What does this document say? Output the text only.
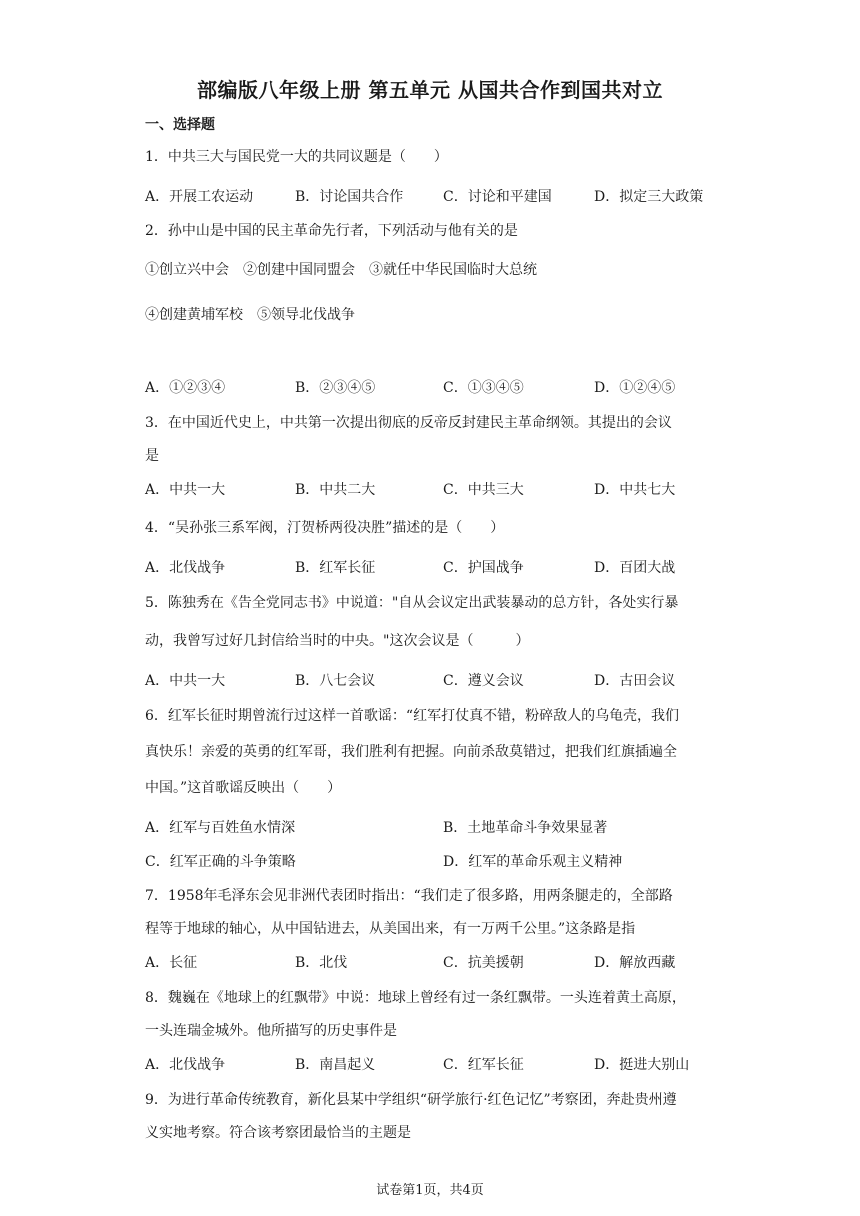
部编版八年级上册 第五单元 从国共合作到国共对立
一、选择题
1．中共三大与国民党一大的共同议题是（　　）
A．开展工农运动	B．讨论国共合作	C．讨论和平建国	D．拟定三大政策
2．孙中山是中国的民主革命先行者，下列活动与他有关的是
①创立兴中会　②创建中国同盟会　③就任中华民国临时大总统
④创建黄埔军校　⑤领导北伐战争
A．①②③④	B．②③④⑤	C．①③④⑤	D．①②④⑤
3．在中国近代史上，中共第一次提出彻底的反帝反封建民主革命纲领。其提出的会议
是
A．中共一大	B．中共二大	C．中共三大	D．中共七大
4．“吴孙张三系军阀，汀贺桥两役决胜”描述的是（　　）
A．北伐战争	B．红军长征	C．护国战争	D．百团大战
5．陈独秀在《告全党同志书》中说道："自从会议定出武装暴动的总方针，各处实行暴
动，我曾写过好几封信给当时的中央。"这次会议是（　　　）
A．中共一大	B．八七会议	C．遵义会议	D．古田会议
6．红军长征时期曾流行过这样一首歌谣：“红军打仗真不错，粉碎敌人的乌龟壳，我们
真快乐！亲爱的英勇的红军哥，我们胜利有把握。向前杀敌莫错过，把我们红旗插遍全
中国。”这首歌谣反映出（　　）
A．红军与百姓鱼水情深	B．土地革命斗争效果显著
C．红军正确的斗争策略	D．红军的革命乐观主义精神
7．1958年毛泽东会见非洲代表团时指出：“我们走了很多路，用两条腿走的，全部路
程等于地球的轴心，从中国钻进去，从美国出来，有一万两千公里。”这条路是指
A．长征	B．北伐	C．抗美援朝	D．解放西藏
8．魏巍在《地球上的红飘带》中说：地球上曾经有过一条红飘带。一头连着黄土高原，
一头连瑞金城外。他所描写的历史事件是
A．北伐战争	B．南昌起义	C．红军长征	D．挺进大别山
9．为进行革命传统教育，新化县某中学组织“研学旅行·红色记忆”考察团，奔赴贵州遵
义实地考察。符合该考察团最恰当的主题是
试卷第1页，共4页
